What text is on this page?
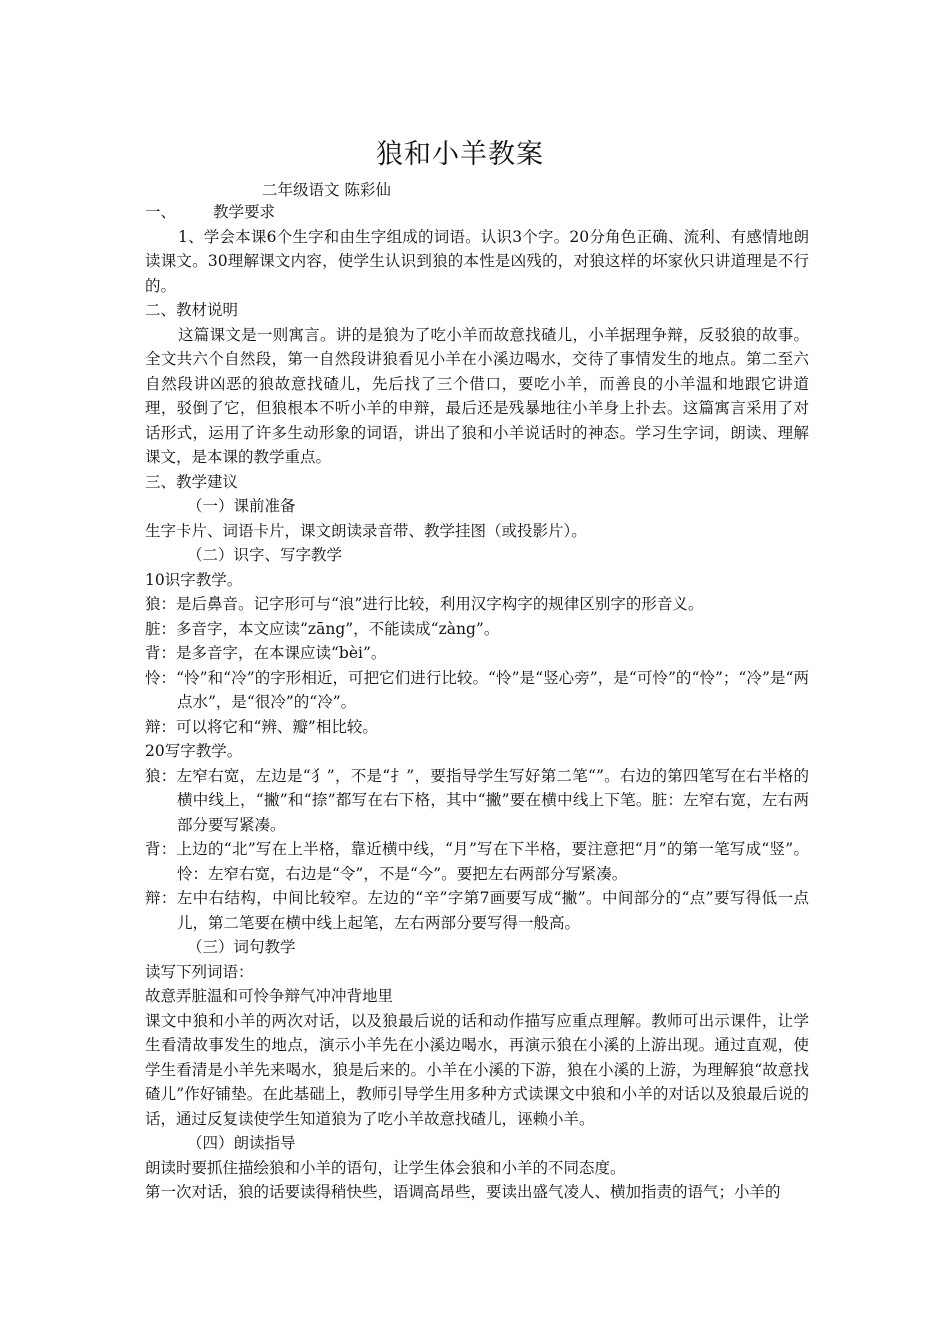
狼和小羊教案
二年级语文 陈彩仙
一、	教学要求

1、学会本课6个生字和由生字组成的词语。认识3个字。20分角色正确、流利、有感情地朗读课文。30理解课文内容，使学生认识到狼的本性是凶残的，对狼这样的坏家伙只讲道理是不行的。

二、教材说明

这篇课文是一则寓言。讲的是狼为了吃小羊而故意找碴儿，小羊据理争辩，反驳狼的故事。全文共六个自然段，第一自然段讲狼看见小羊在小溪边喝水，交待了事情发生的地点。第二至六自然段讲凶恶的狼故意找碴儿，先后找了三个借口，要吃小羊，而善良的小羊温和地跟它讲道理，驳倒了它，但狼根本不听小羊的申辩，最后还是残暴地往小羊身上扑去。这篇寓言采用了对话形式，运用了许多生动形象的词语，讲出了狼和小羊说话时的神态。学习生字词，朗读、理解课文，是本课的教学重点。

三、教学建议

（一）课前准备

生字卡片、词语卡片，课文朗读录音带、教学挂图（或投影片）。

（二）识字、写字教学

10识字教学。

狼：是后鼻音。记字形可与“浪”进行比较，利用汉字构字的规律区别字的形音义。

脏：多音字，本文应读“zāng”，不能读成“zàng”。

背：是多音字，在本课应读“bèi”。

怜：“怜”和“冷”的字形相近，可把它们进行比较。“怜”是“竖心旁”，是“可怜”的“怜”；“冷”是“两点水”，是“很冷”的“冷”。

辩：可以将它和“辨、瓣”相比较。

20写字教学。

狼：左窄右宽，左边是“犭”，不是“扌”，要指导学生写好第二笔“”。右边的第四笔写在右半格的横中线上，“撇”和“捺”都写在右下格，其中“撇”要在横中线上下笔。脏：左窄右宽，左右两部分要写紧凑。

背：上边的“北”写在上半格，靠近横中线，“月”写在下半格，要注意把“月”的第一笔写成“竖”。怜：左窄右宽，右边是“令”，不是“今”。要把左右两部分写紧凑。

辩：左中右结构，中间比较窄。左边的“辛”字第7画要写成“撇”。中间部分的“点”要写得低一点儿，第二笔要在横中线上起笔，左右两部分要写得一般高。

（三）词句教学

读写下列词语：

故意弄脏温和可怜争辩气冲冲背地里

课文中狼和小羊的两次对话，以及狼最后说的话和动作描写应重点理解。教师可出示课件，让学生看清故事发生的地点，演示小羊先在小溪边喝水，再演示狼在小溪的上游出现。通过直观，使学生看清是小羊先来喝水，狼是后来的。小羊在小溪的下游，狼在小溪的上游，为理解狼“故意找碴儿”作好铺垫。在此基础上，教师引导学生用多种方式读课文中狼和小羊的对话以及狼最后说的话，通过反复读使学生知道狼为了吃小羊故意找碴儿，诬赖小羊。

（四）朗读指导

朗读时要抓住描绘狼和小羊的语句，让学生体会狼和小羊的不同态度。

第一次对话，狼的话要读得稍快些，语调高昂些，要读出盛气凌人、横加指责的语气；小羊的
